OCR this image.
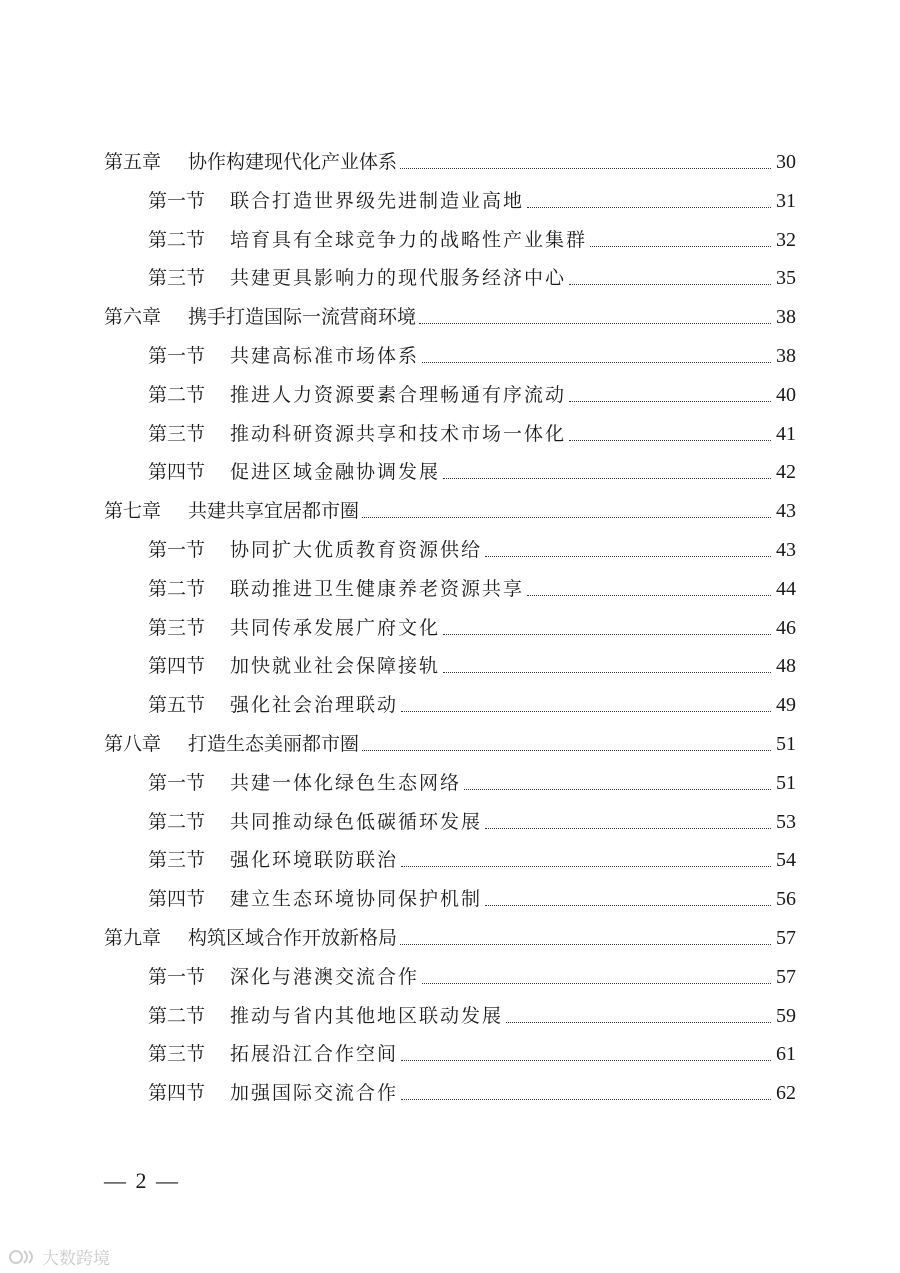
第五章	协作构建现代化产业体系	30
第一节	联合打造世界级先进制造业高地	31
第二节	培育具有全球竞争力的战略性产业集群	32
第三节	共建更具影响力的现代服务经济中心	35
第六章	携手打造国际一流营商环境	38
第一节	共建高标准市场体系	38
第二节	推进人力资源要素合理畅通有序流动	40
第三节	推动科研资源共享和技术市场一体化	41
第四节	促进区域金融协调发展	42
第七章	共建共享宜居都市圈	43
第一节	协同扩大优质教育资源供给	43
第二节	联动推进卫生健康养老资源共享	44
第三节	共同传承发展广府文化	46
第四节	加快就业社会保障接轨	48
第五节	强化社会治理联动	49
第八章	打造生态美丽都市圈	51
第一节	共建一体化绿色生态网络	51
第二节	共同推动绿色低碳循环发展	53
第三节	强化环境联防联治	54
第四节	建立生态环境协同保护机制	56
第九章	构筑区域合作开放新格局	57
第一节	深化与港澳交流合作	57
第二节	推动与省内其他地区联动发展	59
第三节	拓展沿江合作空间	61
第四节	加强国际交流合作	62
— 2 —
大数跨境
